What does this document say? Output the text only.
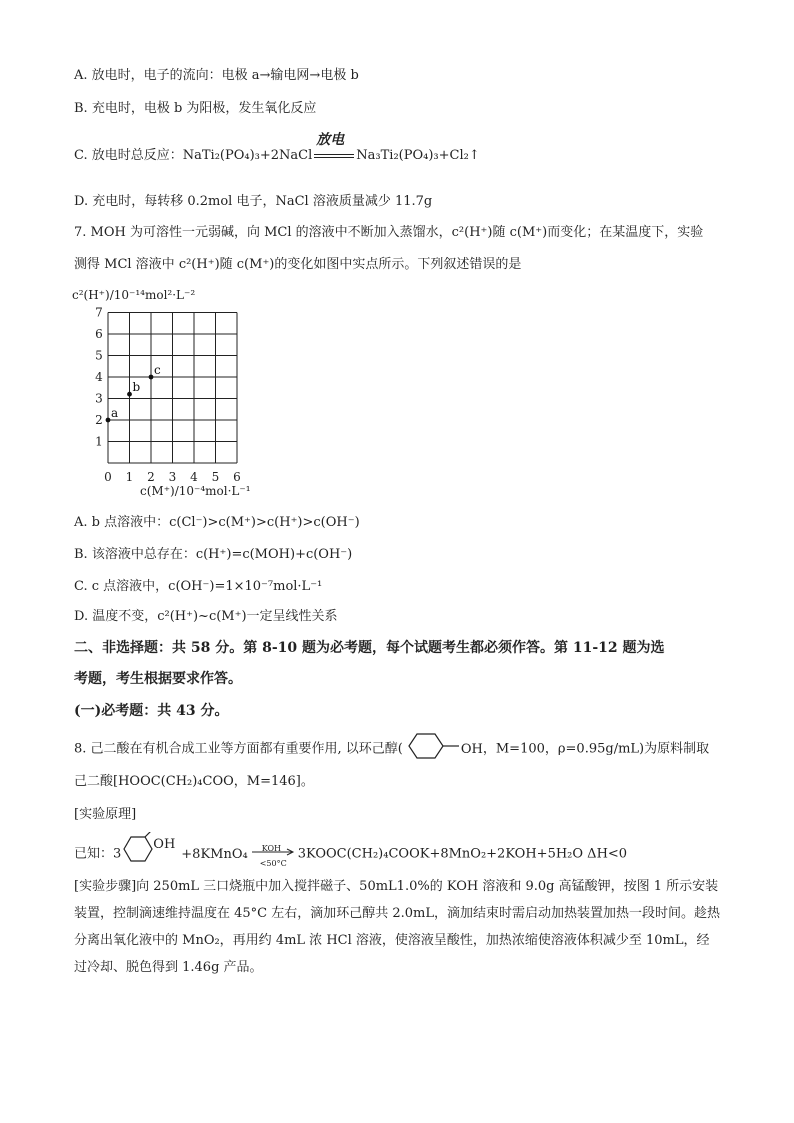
A. 放电时，电子的流向：电极 a→输电网→电极 b
B. 充电时，电极 b 为阳极，发生氧化反应
C. 放电时总反应：NaTi₂(PO₄)₃+2NaCl
放电
Na₃Ti₂(PO₄)₃+Cl₂↑
D. 充电时，每转移 0.2mol 电子，NaCl 溶液质量减少 11.7g
7. MOH 为可溶性一元弱碱，向 MCl 的溶液中不断加入蒸馏水，c²(H⁺)随 c(M⁺)而变化；在某温度下，实验
测得 MCl 溶液中 c²(H⁺)随 c(M⁺)的变化如图中实点所示。下列叙述错误的是
c²(H⁺)/10⁻¹⁴mol²·L⁻²
0 1 2 3 4 5 6
1
2
3
4
5
6
7
a
b
c
c(M⁺)/10⁻⁴mol·L⁻¹
A. b 点溶液中：c(Cl⁻)>c(M⁺)>c(H⁺)>c(OH⁻)
B. 该溶液中总存在：c(H⁺)=c(MOH)+c(OH⁻)
C. c 点溶液中，c(OH⁻)=1×10⁻⁷mol·L⁻¹
D. 温度不变，c²(H⁺)~c(M⁺)一定呈线性关系
二、非选择题：共 58 分。第 8-10 题为必考题，每个试题考生都必须作答。第 11-12 题为选
考题，考生根据要求作答。
(一)必考题：共 43 分。
8. 己二酸在有机合成工业等方面都有重要作用, 以环己醇(	OH，M=100，ρ=0.95g/mL)为原料制取
己二酸[HOOC(CH₂)₄COO，M=146]。
[实验原理]
已知：3OH+8KMnO₄ KOH
<50°C
3KOOC(CH₂)₄COOK+8MnO₂+2KOH+5H₂O ΔH<0
[实验步骤]向 250mL 三口烧瓶中加入搅拌磁子、50mL1.0%的 KOH 溶液和 9.0g 高锰酸钾，按图 1 所示安装装置，控制滴速维持温度在 45°C 左右，滴加环己醇共 2.0mL，滴加结束时需启动加热装置加热一段时间。趁热分离出氧化液中的 MnO₂，再用约 4mL 浓 HCl 溶液，使溶液呈酸性，加热浓缩使溶液体积减少至 10mL，经过冷却、脱色得到 1.46g 产品。
